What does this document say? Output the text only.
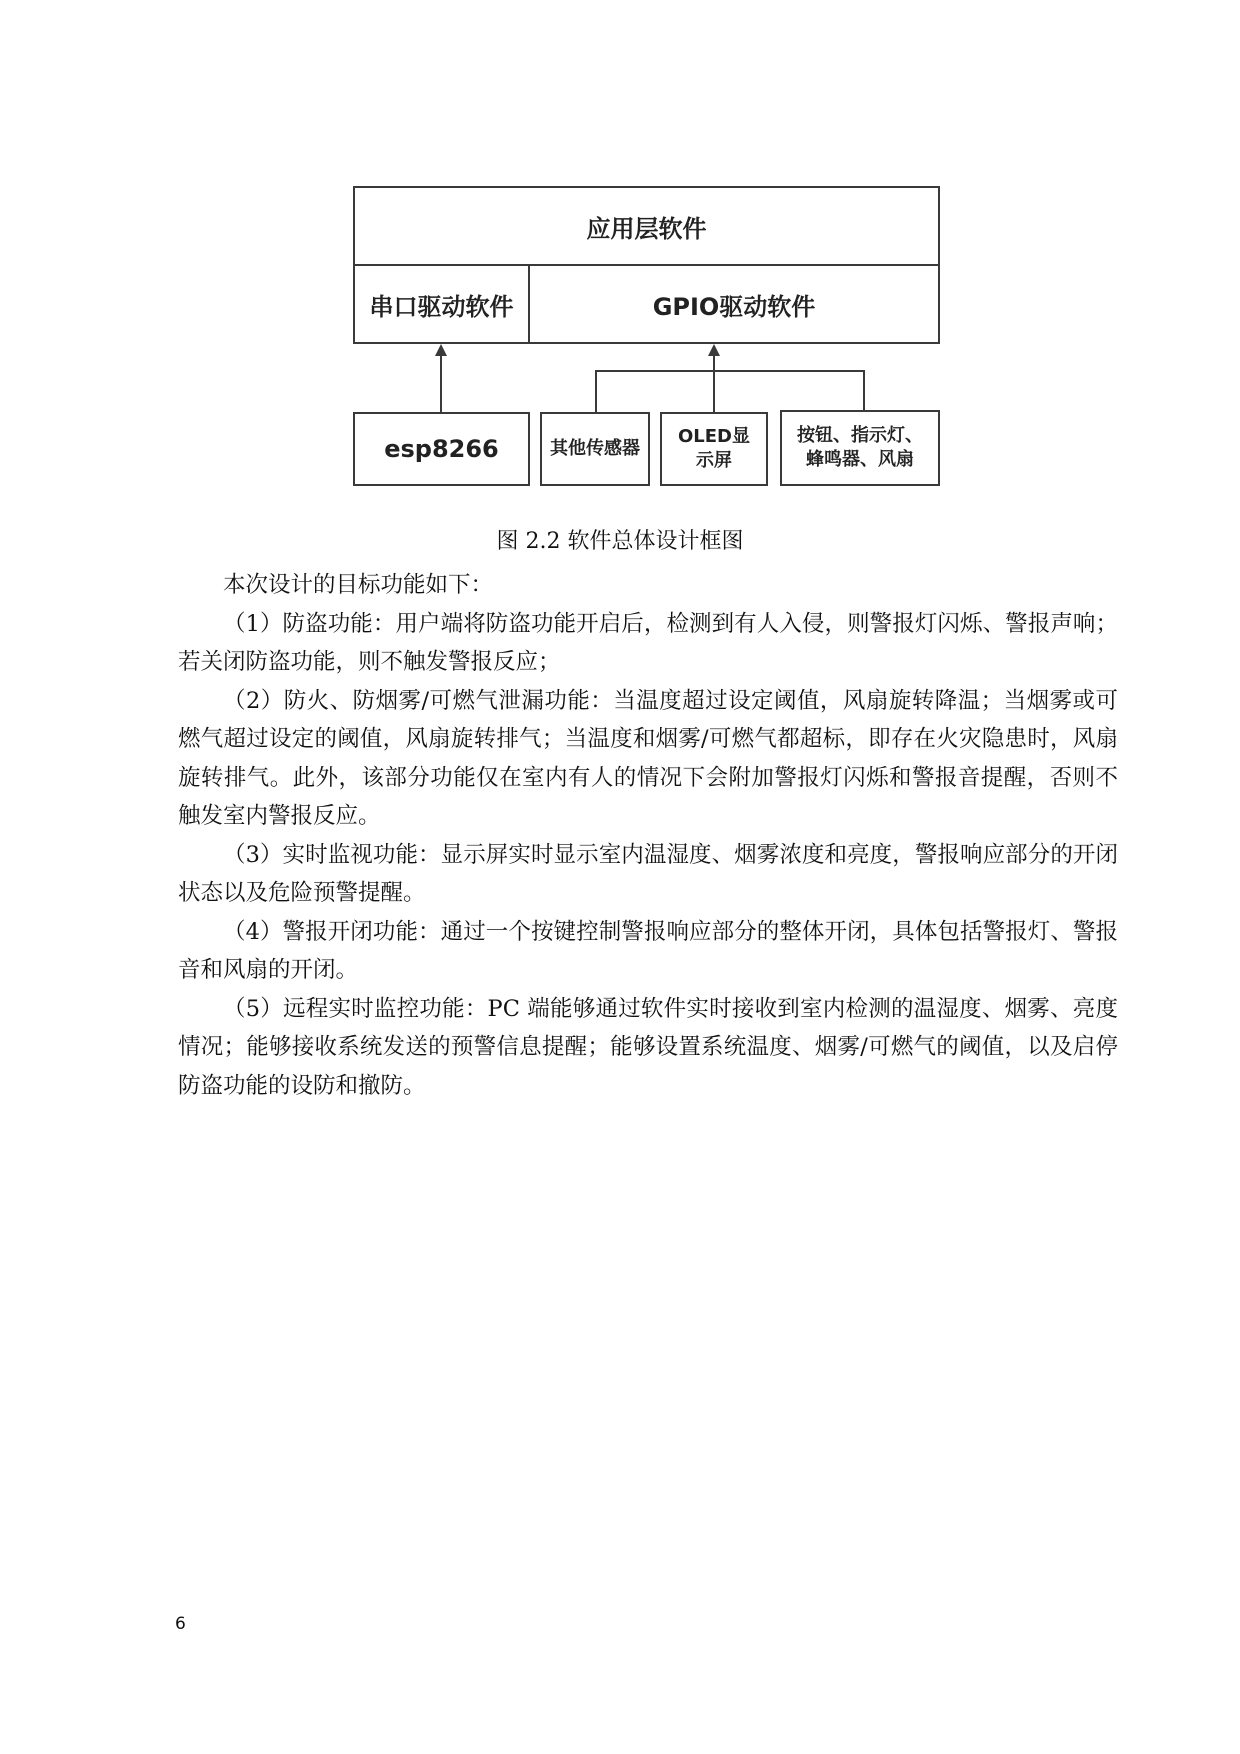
应用层软件
串口驱动软件	GPIO驱动软件
esp8266	其他传感器
OLED显示屏
按钮、指示灯、蜂鸣器、风扇
图 2.2 软件总体设计框图

本次设计的目标功能如下：

（1）防盗功能：用户端将防盗功能开启后，检测到有人入侵，则警报灯闪烁、警报声响；若关闭防盗功能，则不触发警报反应；

（2）防火、防烟雾/可燃气泄漏功能：当温度超过设定阈值，风扇旋转降温；当烟雾或可燃气超过设定的阈值，风扇旋转排气；当温度和烟雾/可燃气都超标，即存在火灾隐患时，风扇旋转排气。此外，该部分功能仅在室内有人的情况下会附加警报灯闪烁和警报音提醒，否则不触发室内警报反应。

（3）实时监视功能：显示屏实时显示室内温湿度、烟雾浓度和亮度，警报响应部分的开闭状态以及危险预警提醒。

（4）警报开闭功能：通过一个按键控制警报响应部分的整体开闭，具体包括警报灯、警报音和风扇的开闭。

（5）远程实时监控功能：PC 端能够通过软件实时接收到室内检测的温湿度、烟雾、亮度情况；能够接收系统发送的预警信息提醒；能够设置系统温度、烟雾/可燃气的阈值，以及启停防盗功能的设防和撤防。

6
